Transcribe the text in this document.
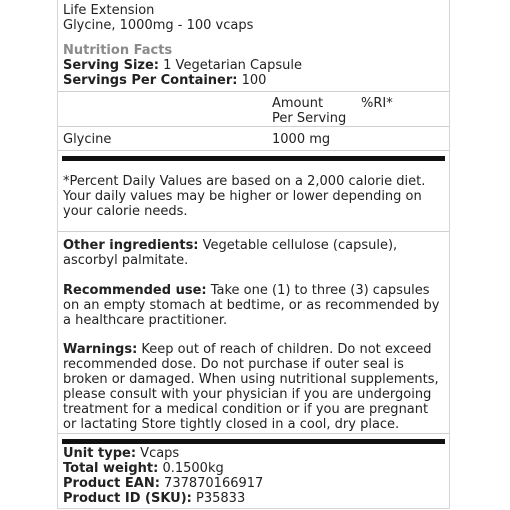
Life Extension
Glycine, 1000mg - 100 vcaps
Nutrition Facts
Serving Size: 1 Vegetarian Capsule
Servings Per Container: 100
Amount
Per Serving
%RI*
Glycine	1000 mg
*Percent Daily Values are based on a 2,000 calorie diet. Your daily values may be higher or lower depending on your calorie needs.
Other ingredients: Vegetable cellulose (capsule), ascorbyl palmitate.
Recommended use: Take one (1) to three (3) capsules on an empty stomach at bedtime, or as recommended by a healthcare practitioner.
Warnings: Keep out of reach of children. Do not exceed recommended dose. Do not purchase if outer seal is broken or damaged. When using nutritional supplements, please consult with your physician if you are undergoing treatment for a medical condition or if you are pregnant or lactating Store tightly closed in a cool, dry place.
Unit type: Vcaps
Total weight: 0.1500kg
Product EAN: 737870166917
Product ID (SKU): P35833
